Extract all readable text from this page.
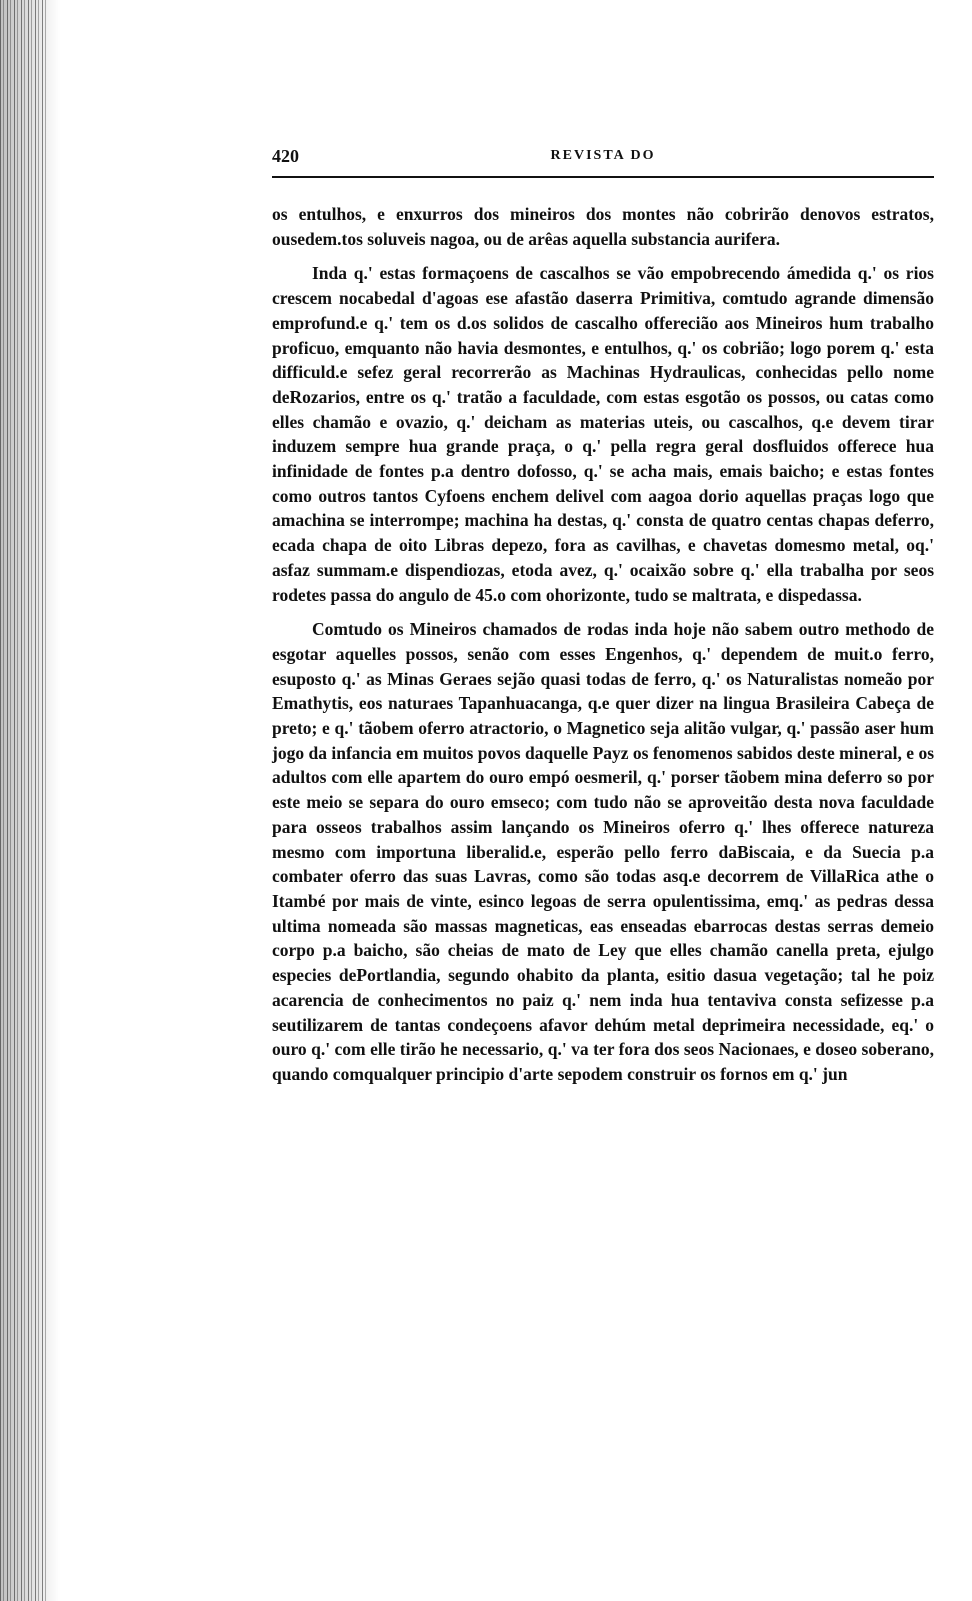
420	REVISTA DO

os entulhos, e enxurros dos mineiros dos montes não cobrirão denovos estratos, ousedem.tos soluveis nagoa, ou de arêas aquella substancia aurifera.

Inda q.' estas formaçoens de cascalhos se vão empobrecendo ámedida q.' os rios crescem nocabedal d'agoas ese afastão daserra Primitiva, comtudo agrande dimensão emprofund.e q.' tem os d.os solidos de cascalho offerecião aos Mineiros hum trabalho proficuo, emquanto não havia desmontes, e entulhos, q.' os cobrião; logo porem q.' esta difficuld.e sefez geral recorrerão as Machinas Hydraulicas, conhecidas pello nome deRozarios, entre os q.' tratão a faculdade, com estas esgotão os possos, ou catas como elles chamão e ovazio, q.' deicham as materias uteis, ou cascalhos, q.e devem tirar induzem sempre hua grande praça, o q.' pella regra geral dosfluidos offerece hua infinidade de fontes p.a dentro dofosso, q.' se acha mais, emais baicho; e estas fontes como outros tantos Cyfoens enchem delivel com aagoa dorio aquellas praças logo que amachina se interrompe; machina ha destas, q.' consta de quatro centas chapas deferro, ecada chapa de oito Libras depezo, fora as cavilhas, e chavetas domesmo metal, oq.' asfaz summam.e dispendiozas, etoda avez, q.' ocaixão sobre q.' ella trabalha por seos rodetes passa do angulo de 45.o com ohorizonte, tudo se maltrata, e dispedassa.

Comtudo os Mineiros chamados de rodas inda hoje não sabem outro methodo de esgotar aquelles possos, senão com esses Engenhos, q.' dependem de muit.o ferro, esuposto q.' as Minas Geraes sejão quasi todas de ferro, q.' os Naturalistas nomeão por Emathytis, eos naturaes Tapanhuacanga, q.e quer dizer na lingua Brasileira Cabeça de preto; e q.' tãobem oferro atractorio, o Magnetico seja alitão vulgar, q.' passão aser hum jogo da infancia em muitos povos daquelle Payz os fenomenos sabidos deste mineral, e os adultos com elle apartem do ouro empó oesmeril, q.' porser tãobem mina deferro so por este meio se separa do ouro emseco; com tudo não se aproveitão desta nova faculdade para osseos trabalhos assim lançando os Mineiros oferro q.' lhes offerece natureza mesmo com importuna liberalid.e, esperão pello ferro daBiscaia, e da Suecia p.a combater oferro das suas Lavras, como são todas asq.e decorrem de VillaRica athe o Itambé por mais de vinte, esinco legoas de serra opulentissima, emq.' as pedras dessa ultima nomeada são massas magneticas, eas enseadas ebarrocas destas serras demeio corpo p.a baicho, são cheias de mato de Ley que elles chamão canella preta, ejulgo especies dePortlandia, segundo ohabito da planta, esitio dasua vegetação; tal he poiz acarencia de conhecimentos no paiz q.' nem inda hua tentaviva consta sefizesse p.a seutilizarem de tantas condeçoens afavor dehúm metal deprimeira necessidade, eq.' o ouro q.' com elle tirão he necessario, q.' va ter fora dos seos Nacionaes, e doseo soberano, quando comqualquer principio d'arte sepodem construir os fornos em q.' jun
